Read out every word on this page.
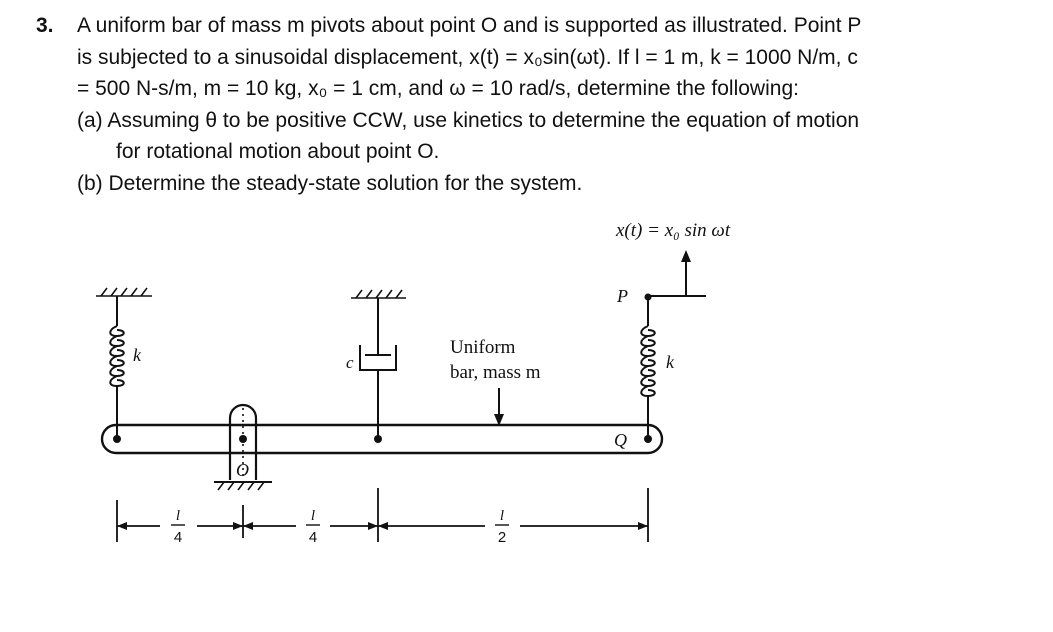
3. A uniform bar of mass m pivots about point O and is supported as illustrated. Point P
is subjected to a sinusoidal displacement, x(t) = x₀sin(ωt). If l = 1 m, k = 1000 N/m, c
= 500 N-s/m, m = 10 kg, x₀ = 1 cm, and ω = 10 rad/s, determine the following:
(a) Assuming θ to be positive CCW, use kinetics to determine the equation of motion
for rotational motion about point O.
(b) Determine the steady-state solution for the system.
x(t) = x₀ sin ωt
P
k	c	k
Uniform
bar, mass m
Q
O
l
4
l
4
l
2
